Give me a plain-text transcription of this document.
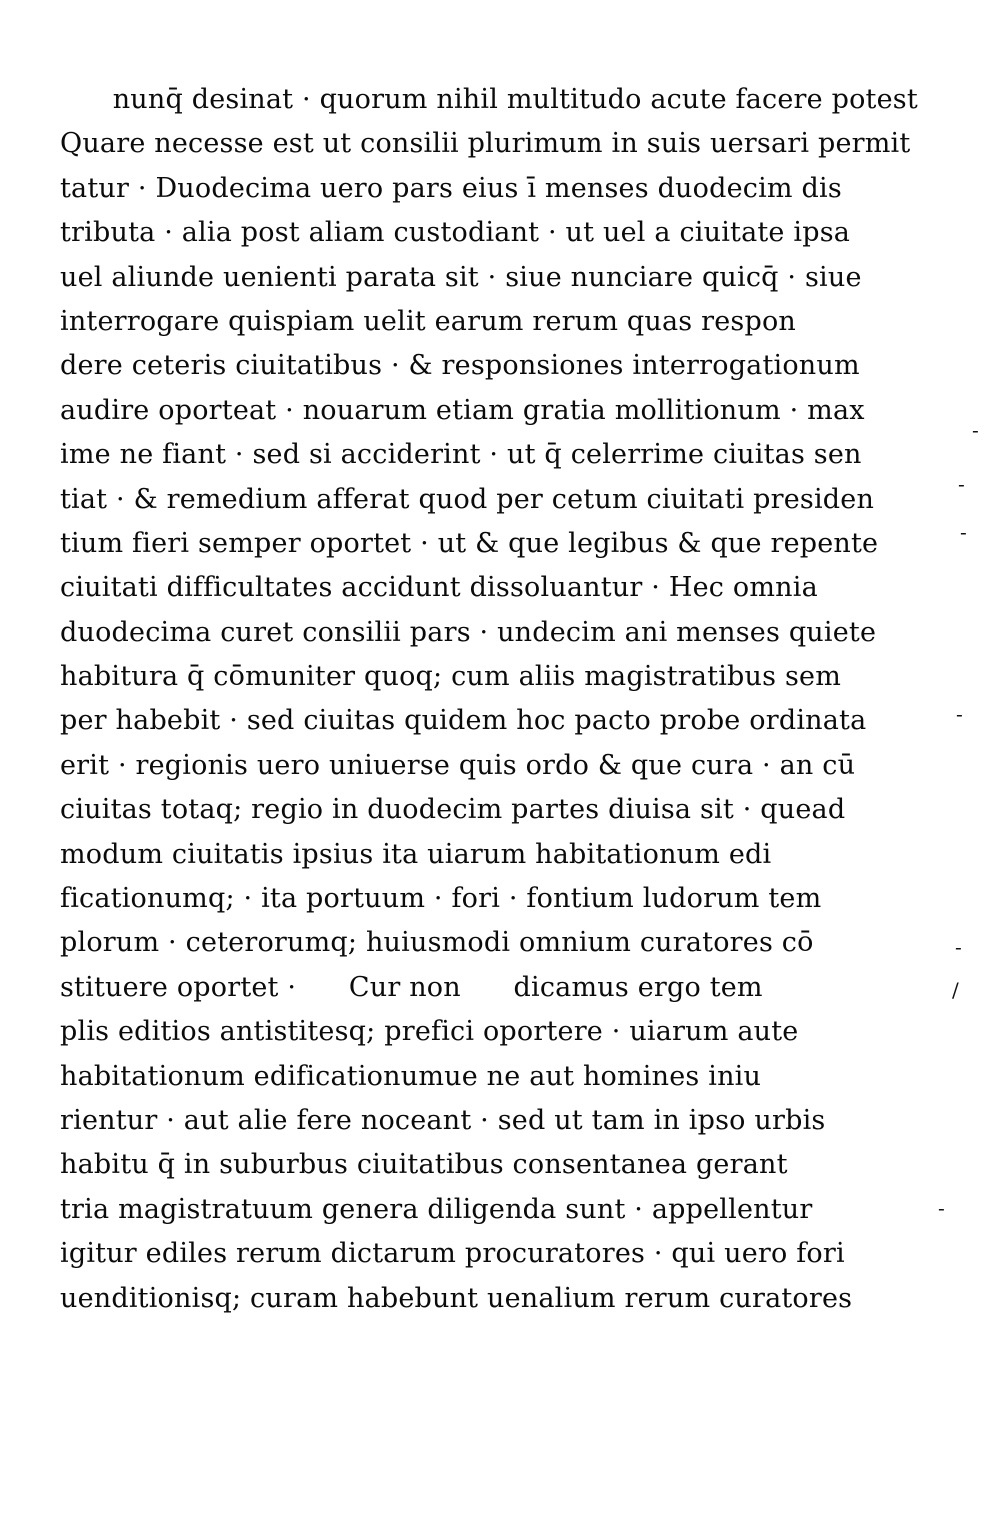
nunq̄ desinat · quorum nihil multitudo acute facere potest
Quare necesse est ut consilii plurimum in suis uersari permit
tatur · Duodecima uero pars eius ī menses duodecim dis
tributa · alia post aliam custodiant · ut uel a ciuitate ipsa
uel aliunde uenienti parata sit · siue nunciare quicq̄ · siue
interrogare quispiam uelit earum rerum quas respon
dere ceteris ciuitatibus · & responsiones interrogationum
audire oporteat · nouarum etiam gratia mollitionum · max
ime ne fiant · sed si acciderint · ut q̄ celerrime ciuitas sen
tiat · & remedium afferat quod per cetum ciuitati presiden
tium fieri semper oportet · ut & que legibus & que repente
ciuitati difficultates accidunt dissoluantur · Hec omnia
duodecima curet consilii pars · undecim ani menses quiete
habitura q̄ cōmuniter quoq; cum aliis magistratibus sem
per habebit · sed ciuitas quidem hoc pacto probe ordinata
erit · regionis uero uniuerse quis ordo & que cura · an cū
ciuitas totaq; regio in duodecim partes diuisa sit · quead
modum ciuitatis ipsius ita uiarum habitationum edi
ficationumq; · ita portuum · fori · fontium ludorum tem
plorum · ceterorumq; huiusmodi omnium curatores cō
stituere oportet ·      Cur non      dicamus ergo tem
plis editios antistitesq; prefici oportere · uiarum aute
habitationum edificationumue ne aut homines iniu
rientur · aut alie fere noceant · sed ut tam in ipso urbis
habitu q̄ in suburbus ciuitatibus consentanea gerant
tria magistratuum genera diligenda sunt · appellentur
igitur ediles rerum dictarum procuratores · qui uero fori
uenditionisq; curam habebunt uenalium rerum curatores
-
-
-
-
-
/
-
